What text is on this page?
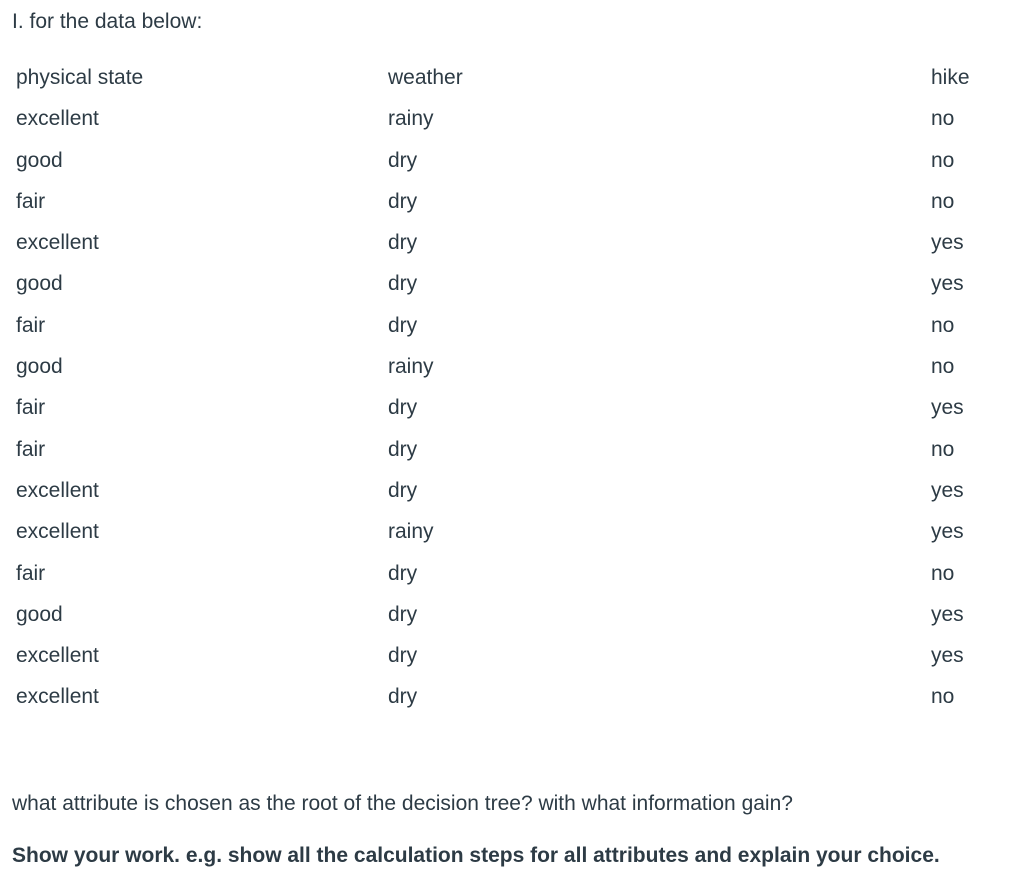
I. for the data below:
physical state	weather	hike
excellent	rainy	no
good	dry	no
fair	dry	no
excellent	dry	yes
good	dry	yes
fair	dry	no
good	rainy	no
fair	dry	yes
fair	dry	no
excellent	dry	yes
excellent	rainy	yes
fair	dry	no
good	dry	yes
excellent	dry	yes
excellent	dry	no
what attribute is chosen as the root of the decision tree? with what information gain?
Show your work. e.g. show all the calculation steps for all attributes and explain your choice.
